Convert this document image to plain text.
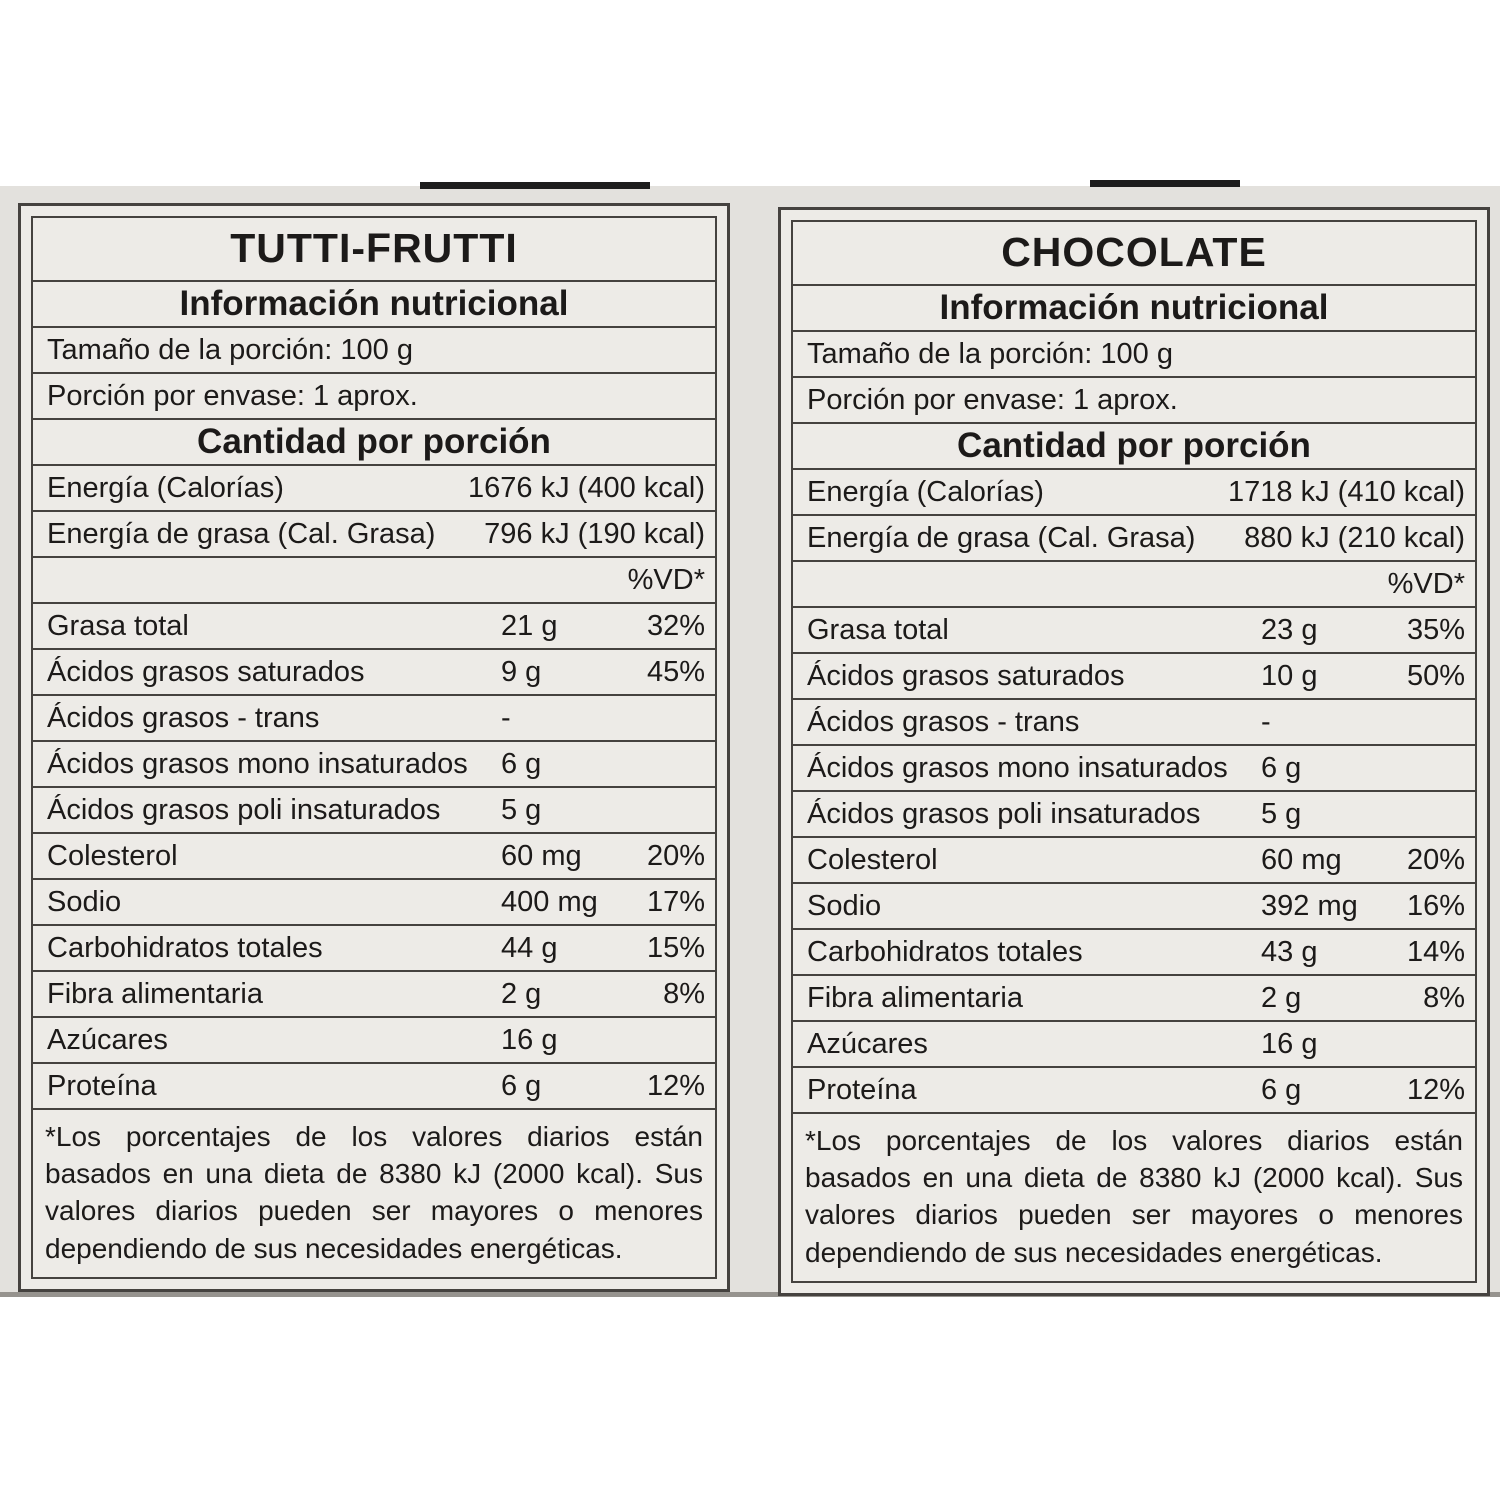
TUTTI-FRUTTI
Información nutricional
Tamaño de la porción: 100 g
Porción por envase: 1 aprox.
Cantidad por porción
Energía (Calorías)	1676 kJ (400 kcal)
Energía de grasa (Cal. Grasa)	796 kJ (190 kcal)
%VD*
Grasa total	21 g	32%
Ácidos grasos saturados	9 g	45%
Ácidos grasos - trans	-
Ácidos grasos mono insaturados	6 g
Ácidos grasos poli insaturados	5 g
Colesterol	60 mg	20%
Sodio	400 mg	17%
Carbohidratos totales	44 g	15%
Fibra alimentaria	2 g	8%
Azúcares	16 g
Proteína	6 g	12%
*Los porcentajes de los valores diarios están basados en una dieta de 8380 kJ (2000 kcal). Sus valores diarios pueden ser mayores o menores dependiendo de sus necesidades energéticas.
CHOCOLATE
Información nutricional
Tamaño de la porción: 100 g
Porción por envase: 1 aprox.
Cantidad por porción
Energía (Calorías)	1718 kJ (410 kcal)
Energía de grasa (Cal. Grasa)	880 kJ (210 kcal)
%VD*
Grasa total	23 g	35%
Ácidos grasos saturados	10 g	50%
Ácidos grasos - trans	-
Ácidos grasos mono insaturados	6 g
Ácidos grasos poli insaturados	5 g
Colesterol	60 mg	20%
Sodio	392 mg	16%
Carbohidratos totales	43 g	14%
Fibra alimentaria	2 g	8%
Azúcares	16 g
Proteína	6 g	12%
*Los porcentajes de los valores diarios están basados en una dieta de 8380 kJ (2000 kcal). Sus valores diarios pueden ser mayores o menores dependiendo de sus necesidades energéticas.
